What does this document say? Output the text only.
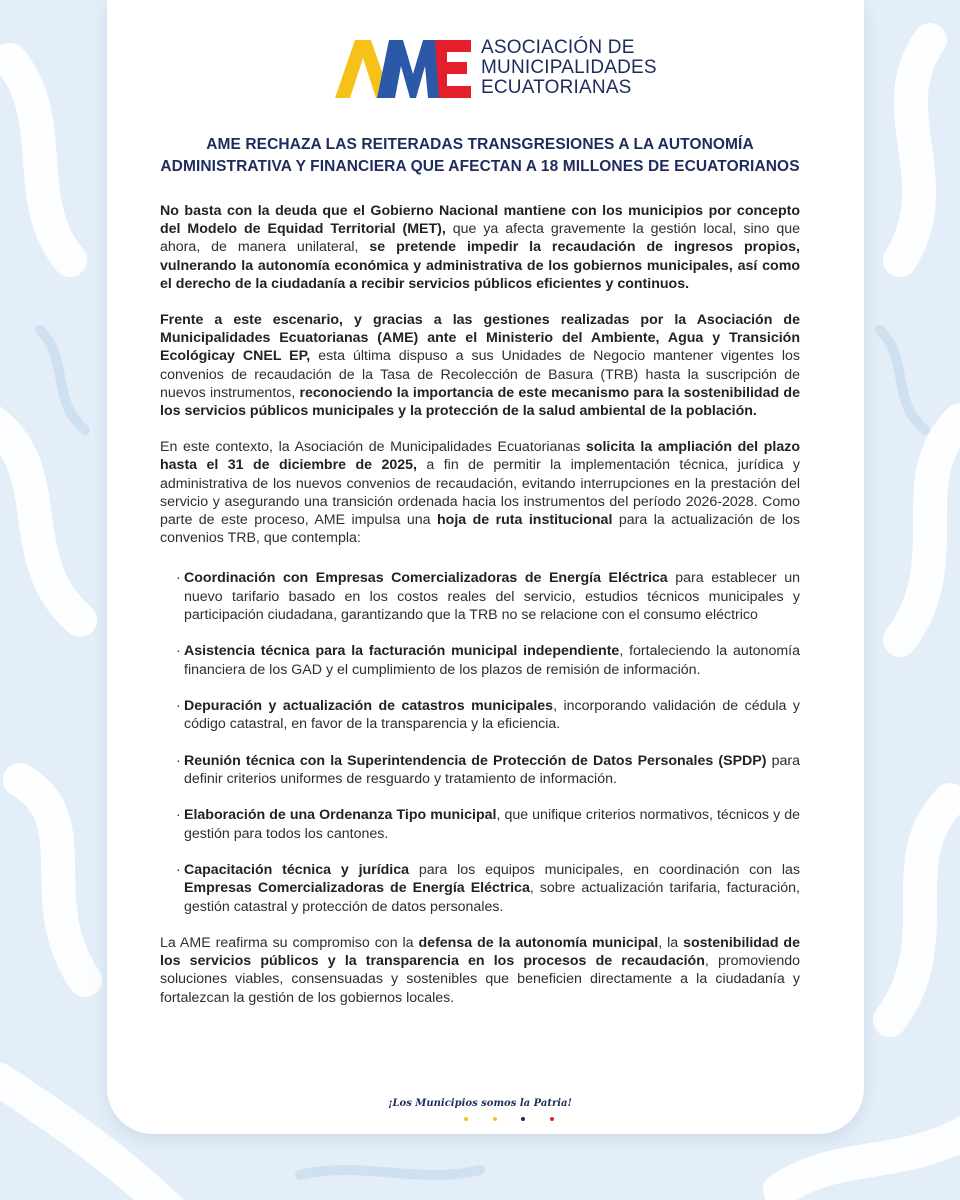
ASOCIACIÓN DE
MUNICIPALIDADES
ECUATORIANAS
AME RECHAZA LAS REITERADAS TRANSGRESIONES A LA AUTONOMÍA
ADMINISTRATIVA Y FINANCIERA QUE AFECTAN A 18 MILLONES DE ECUATORIANOS

No basta con la deuda que el Gobierno Nacional mantiene con los municipios por concepto del Modelo de Equidad Territorial (MET), que ya afecta gravemente la gestión local, sino que ahora, de manera unilateral, se pretende impedir la recaudación de ingresos propios, vulnerando la autonomía económica y administrativa de los gobiernos municipales, así como el derecho de la ciudadanía a recibir servicios públicos eficientes y continuos.

Frente a este escenario, y gracias a las gestiones realizadas por la Asociación de Municipalidades Ecuatorianas (AME) ante el Ministerio del Ambiente, Agua y Transición Ecológicay CNEL EP, esta última dispuso a sus Unidades de Negocio mantener vigentes los convenios de recaudación de la Tasa de Recolección de Basura (TRB) hasta la suscripción de nuevos instrumentos, reconociendo la importancia de este mecanismo para la sostenibilidad de los servicios públicos municipales y la protección de la salud ambiental de la población.

En este contexto, la Asociación de Municipalidades Ecuatorianas solicita la ampliación del plazo hasta el 31 de diciembre de 2025, a fin de permitir la implementación técnica, jurídica y administrativa de los nuevos convenios de recaudación, evitando interrupciones en la prestación del servicio y asegurando una transición ordenada hacia los instrumentos del período 2026-2028. Como parte de este proceso, AME impulsa una hoja de ruta institucional para la actualización de los convenios TRB, que contempla:

· Coordinación con Empresas Comercializadoras de Energía Eléctrica para establecer un nuevo tarifario basado en los costos reales del servicio, estudios técnicos municipales y participación ciudadana, garantizando que la TRB no se relacione con el consumo eléctrico
· Asistencia técnica para la facturación municipal independiente, fortaleciendo la autonomía financiera de los GAD y el cumplimiento de los plazos de remisión de información.
· Depuración y actualización de catastros municipales, incorporando validación de cédula y código catastral, en favor de la transparencia y la eficiencia.
· Reunión técnica con la Superintendencia de Protección de Datos Personales (SPDP) para definir criterios uniformes de resguardo y tratamiento de información.
· Elaboración de una Ordenanza Tipo municipal, que unifique criterios normativos, técnicos y de gestión para todos los cantones.
· Capacitación técnica y jurídica para los equipos municipales, en coordinación con las Empresas Comercializadoras de Energía Eléctrica, sobre actualización tarifaria, facturación, gestión catastral y protección de datos personales.

La AME reafirma su compromiso con la defensa de la autonomía municipal, la sostenibilidad de los servicios públicos y la transparencia en los procesos de recaudación, promoviendo soluciones viables, consensuadas y sostenibles que beneficien directamente a la ciudadanía y fortalezcan la gestión de los gobiernos locales.

¡Los Municipios somos la Patria!
